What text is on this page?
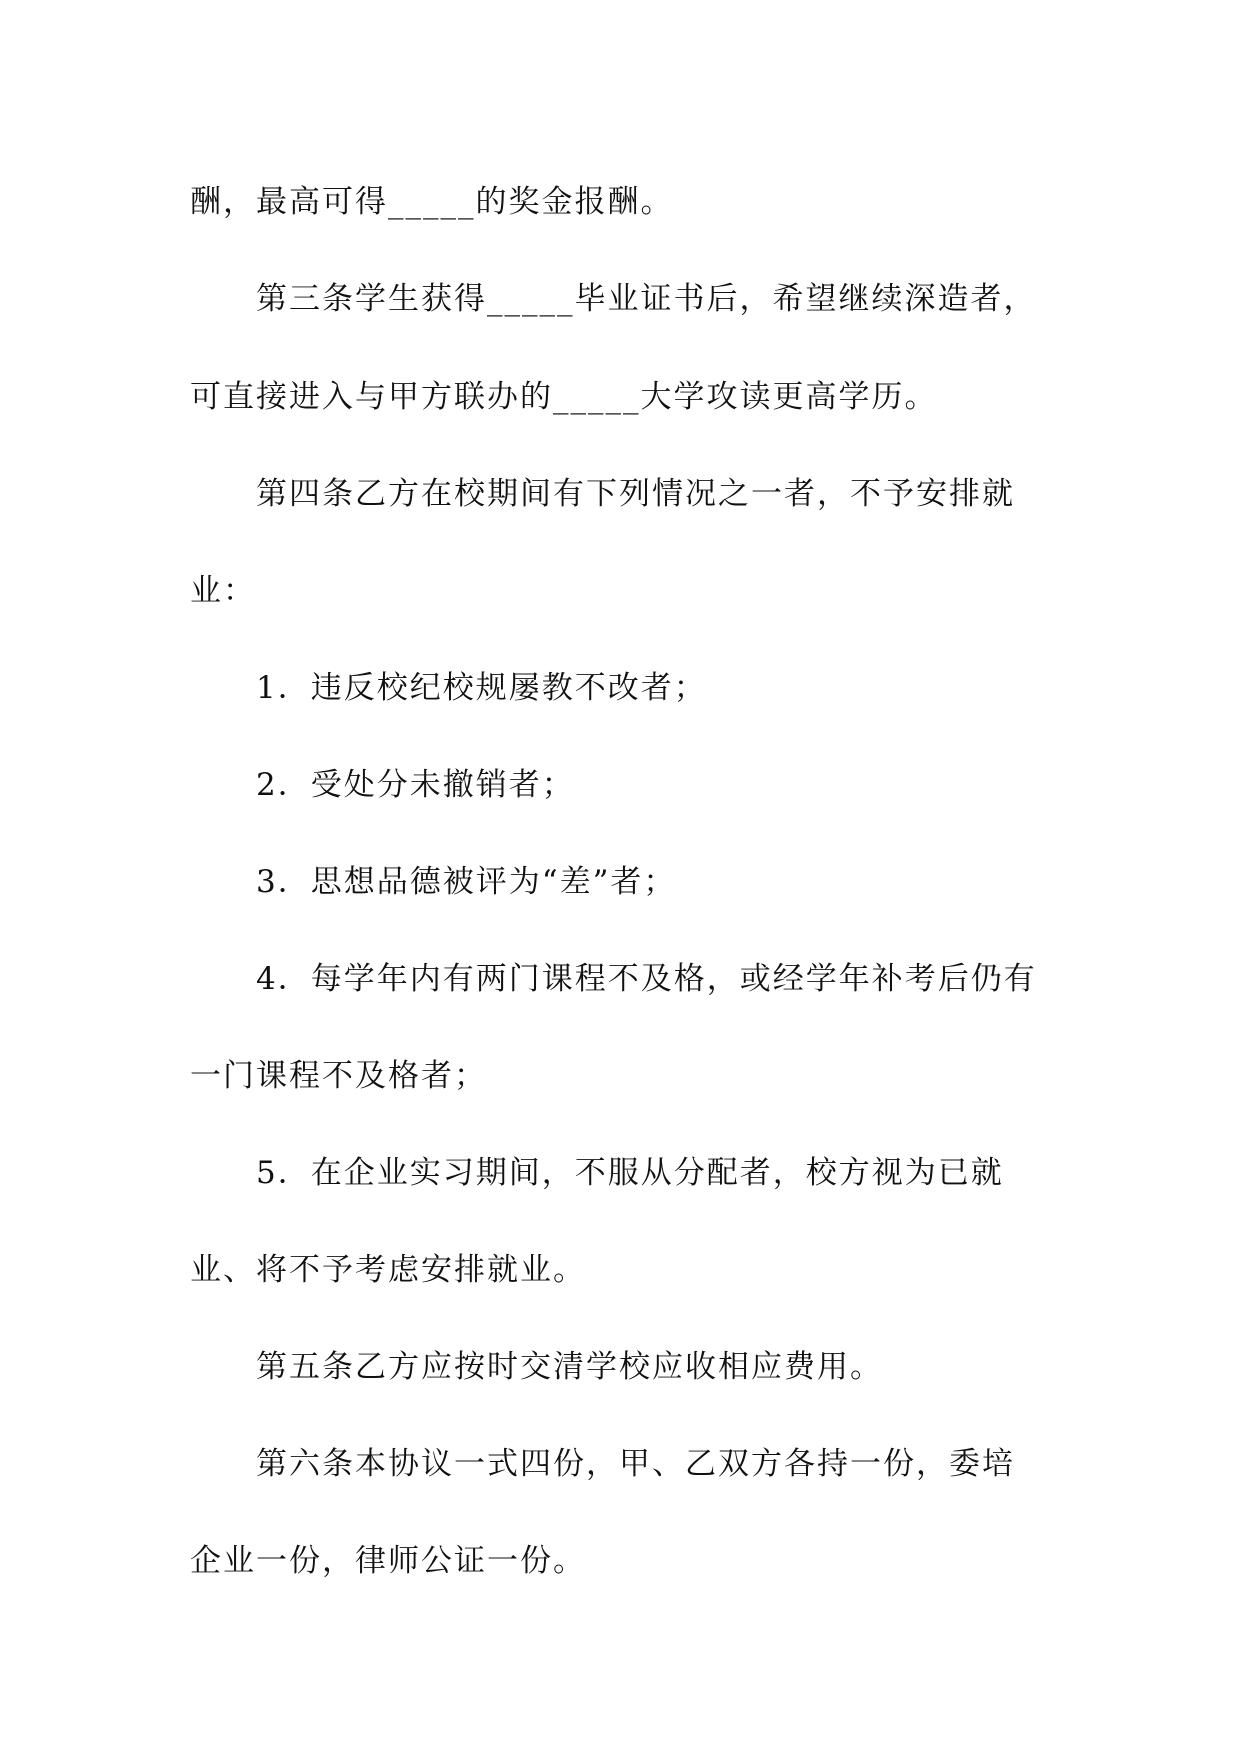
酬，最高可得_____的奖金报酬。
第三条学生获得_____毕业证书后，希望继续深造者，
可直接进入与甲方联办的_____大学攻读更高学历。
第四条乙方在校期间有下列情况之一者，不予安排就
业：
1．违反校纪校规屡教不改者；
2．受处分未撤销者；
3．思想品德被评为“差”者；
4．每学年内有两门课程不及格，或经学年补考后仍有
一门课程不及格者；
5．在企业实习期间，不服从分配者，校方视为已就
业、将不予考虑安排就业。
第五条乙方应按时交清学校应收相应费用。
第六条本协议一式四份，甲、乙双方各持一份，委培
企业一份，律师公证一份。
